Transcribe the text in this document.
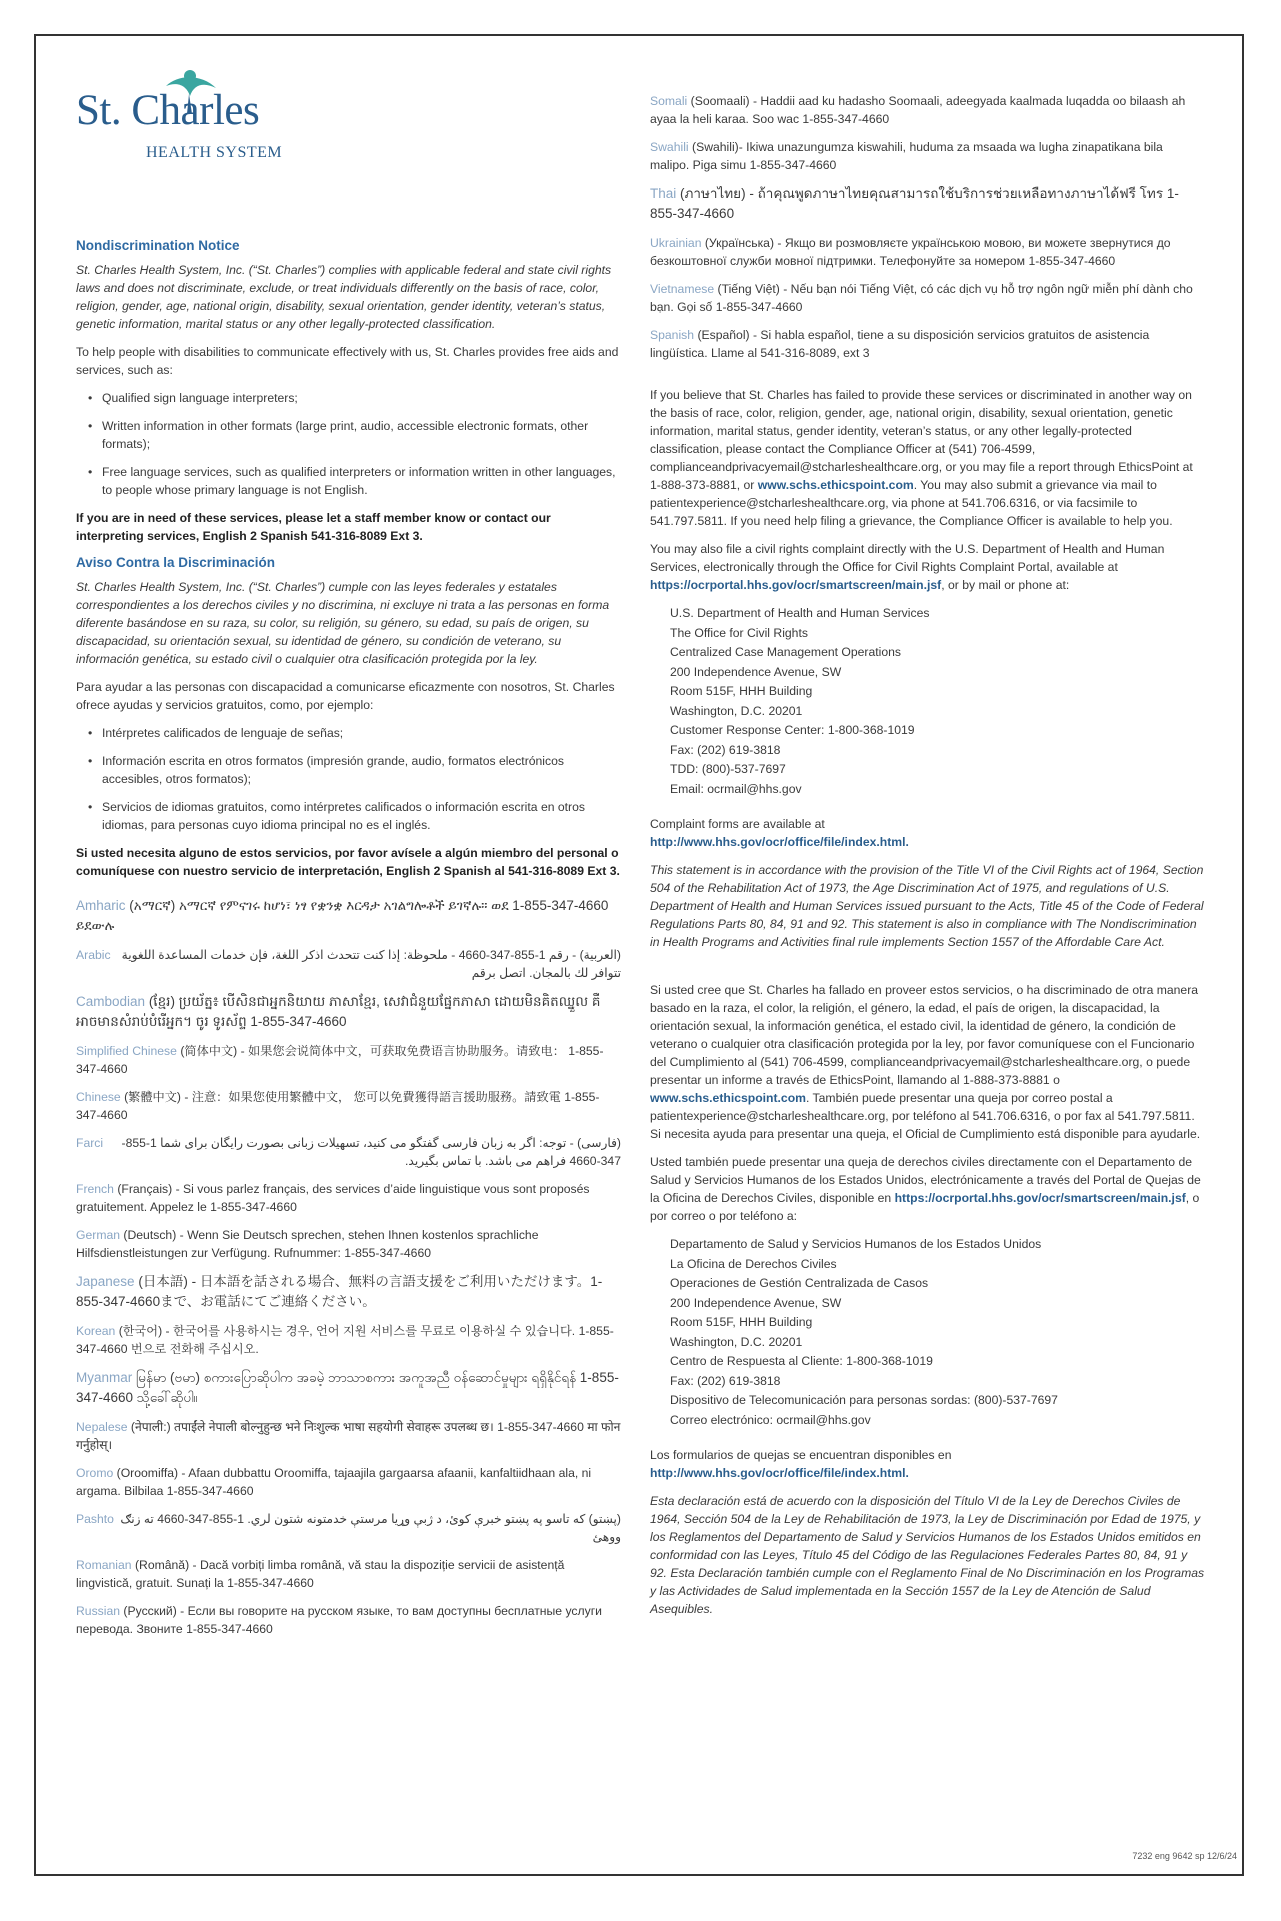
St. Charles
HEALTH SYSTEM
Nondiscrimination Notice

St. Charles Health System, Inc. (“St. Charles”) complies with applicable federal and state civil rights laws and does not discriminate, exclude, or treat individuals differently on the basis of race, color, religion, gender, age, national origin, disability, sexual orientation, gender identity, veteran’s status, genetic information, marital status or any other legally-protected classification.

To help people with disabilities to communicate effectively with us, St. Charles provides free aids and services, such as:

• Qualified sign language interpreters;
• Written information in other formats (large print, audio, accessible electronic formats, other formats);
• Free language services, such as qualified interpreters or information written in other languages, to people whose primary language is not English.

If you are in need of these services, please let a staff member know or contact our interpreting services, English 2 Spanish 541-316-8089 Ext 3.

Aviso Contra la Discriminación

St. Charles Health System, Inc. (“St. Charles”) cumple con las leyes federales y estatales correspondientes a los derechos civiles y no discrimina, ni excluye ni trata a las personas en forma diferente basándose en su raza, su color, su religión, su género, su edad, su país de origen, su discapacidad, su orientación sexual, su identidad de género, su condición de veterano, su información genética, su estado civil o cualquier otra clasificación protegida por la ley.

Para ayudar a las personas con discapacidad a comunicarse eficazmente con nosotros, St. Charles ofrece ayudas y servicios gratuitos, como, por ejemplo:

• Intérpretes calificados de lenguaje de señas;
• Información escrita en otros formatos (impresión grande, audio, formatos electrónicos accesibles, otros formatos);
• Servicios de idiomas gratuitos, como intérpretes calificados o información escrita en otros idiomas, para personas cuyo idioma principal no es el inglés.

Si usted necesita alguno de estos servicios, por favor avísele a algún miembro del personal o comuníquese con nuestro servicio de interpretación, English 2 Spanish al 541-316-8089 Ext 3.

Amharic (አማርኛ) አማርኛ የምናገሩ ከሆነ፣ ነፃ የቋንቋ እርዳታ አገልግሎቶች ይገኛሉ። ወደ 1-855-347-4660 ይደውሉ

Arabic (العربية) - رقم 1-855-347-4660 - ملحوظة: إذا كنت تتحدث اذكر اللغة، فإن خدمات المساعدة اللغوية تتوافر لك بالمجان. اتصل برقم

Cambodian (ខ្មែរ) ប្រយ័ត្ន៖ បើសិនជាអ្នកនិយាយ ភាសាខ្មែរ, សេវាជំនួយផ្នែកភាសា ដោយមិនគិតឈ្នួល គឺអាចមានសំរាប់បំរើអ្នក។ ចូរ ទូរស័ព្ទ 1-855-347-4660

Simplified Chinese (简体中文) - 如果您会说简体中文，可获取免费语言协助服务。请致电： 1-855-347-4660

Chinese (繁體中文) - 注意：如果您使用繁體中文， 您可以免費獲得語言援助服務。請致電 1-855-347-4660

Farci (فارسی) - توجه: اگر به زبان فارسی گفتگو می کنید، تسهیلات زبانی بصورت رایگان برای شما 1-855-347-4660 فراهم می باشد. با تماس بگیرید.

French (Français) - Si vous parlez français, des services d’aide linguistique vous sont proposés gratuitement. Appelez le 1-855-347-4660

German (Deutsch) - Wenn Sie Deutsch sprechen, stehen Ihnen kostenlos sprachliche Hilfsdienstleistungen zur Verfügung. Rufnummer: 1-855-347-4660

Japanese (日本語) - 日本語を話される場合、無料の言語支援をご利用いただけます。1-855-347-4660まで、お電話にてご連絡ください。

Korean (한국어) - 한국어를 사용하시는 경우, 언어 지원 서비스를 무료로 이용하실 수 있습니다. 1-855-347-4660 번으로 전화해 주십시오.

Myanmar မြန်မာ (ဗမာ) စကားပြောဆိုပါက အခမဲ့ ဘာသာစကား အကူအညီ ဝန်ဆောင်မှုများ ရရှိနိုင်ရန် 1-855-347-4660 သို့ခေါ်ဆိုပါ။

Nepalese (नेपाली:) तपाईंले नेपाली बोल्नुहुन्छ भने निःशुल्क भाषा सहयोगी सेवाहरू उपलब्ध छ। 1-855-347-4660 मा फोन गर्नुहोस्।

Oromo (Oroomiffa) - Afaan dubbattu Oroomiffa, tajaajila gargaarsa afaanii, kanfaltiidhaan ala, ni argama. Bilbilaa 1-855-347-4660

Pashto (پښتو) که تاسو په پښتو خبرې کوئ، د ژبې وړیا مرستې خدمتونه شتون لري. 1-855-347-4660 ته زنګ ووهئ

Romanian (Română) - Dacă vorbiți limba română, vă stau la dispoziție servicii de asistență lingvistică, gratuit. Sunați la 1-855-347-4660

Russian (Русский) - Если вы говорите на русском языке, то вам доступны бесплатные услуги перевода. Звоните 1-855-347-4660

Somali (Soomaali) - Haddii aad ku hadasho Soomaali, adeegyada kaalmada luqadda oo bilaash ah ayaa la heli karaa. Soo wac 1-855-347-4660

Swahili (Swahili)- Ikiwa unazungumza kiswahili, huduma za msaada wa lugha zinapatikana bila malipo. Piga simu 1-855-347-4660

Thai (ภาษาไทย) - ถ้าคุณพูดภาษาไทยคุณสามารถใช้บริการช่วยเหลือทางภาษาได้ฟรี โทร 1-855-347-4660

Ukrainian (Українська) - Якщо ви розмовляєте українською мовою, ви можете звернутися до безкоштовної служби мовної підтримки. Телефонуйте за номером 1-855-347-4660

Vietnamese (Tiếng Việt) - Nếu bạn nói Tiếng Việt, có các dịch vụ hỗ trợ ngôn ngữ miễn phí dành cho bạn. Gọi số 1-855-347-4660

Spanish (Español) - Si habla español, tiene a su disposición servicios gratuitos de asistencia lingüística. Llame al 541-316-8089, ext 3

If you believe that St. Charles has failed to provide these services or discriminated in another way on the basis of race, color, religion, gender, age, national origin, disability, sexual orientation, genetic information, marital status, gender identity, veteran’s status, or any other legally-protected classification, please contact the Compliance Officer at (541) 706-4599, complianceandprivacyemail@stcharleshealthcare.org, or you may file a report through EthicsPoint at 1-888-373-8881, or www.schs.ethicspoint.com. You may also submit a grievance via mail to patientexperience@stcharleshealthcare.org, via phone at 541.706.6316, or via facsimile to 541.797.5811. If you need help filing a grievance, the Compliance Officer is available to help you.

You may also file a civil rights complaint directly with the U.S. Department of Health and Human Services, electronically through the Office for Civil Rights Complaint Portal, available at https://ocrportal.hhs.gov/ocr/smartscreen/main.jsf, or by mail or phone at:

U.S. Department of Health and Human Services
The Office for Civil Rights
Centralized Case Management Operations
200 Independence Avenue, SW
Room 515F, HHH Building
Washington, D.C. 20201
Customer Response Center: 1-800-368-1019
Fax: (202) 619-3818
TDD: (800)-537-7697
Email: ocrmail@hhs.gov

Complaint forms are available at
http://www.hhs.gov/ocr/office/file/index.html.

This statement is in accordance with the provision of the Title VI of the Civil Rights act of 1964, Section 504 of the Rehabilitation Act of 1973, the Age Discrimination Act of 1975, and regulations of U.S. Department of Health and Human Services issued pursuant to the Acts, Title 45 of the Code of Federal Regulations Parts 80, 84, 91 and 92. This statement is also in compliance with The Nondiscrimination in Health Programs and Activities final rule implements Section 1557 of the Affordable Care Act.

Si usted cree que St. Charles ha fallado en proveer estos servicios, o ha discriminado de otra manera basado en la raza, el color, la religión, el género, la edad, el país de origen, la discapacidad, la orientación sexual, la información genética, el estado civil, la identidad de género, la condición de veterano o cualquier otra clasificación protegida por la ley, por favor comuníquese con el Funcionario del Cumplimiento al (541) 706-4599, complianceandprivacyemail@stcharleshealthcare.org, o puede presentar un informe a través de EthicsPoint, llamando al 1-888-373-8881 o www.schs.ethicspoint.com. También puede presentar una queja por correo postal a patientexperience@stcharleshealthcare.org, por teléfono al 541.706.6316, o por fax al 541.797.5811. Si necesita ayuda para presentar una queja, el Oficial de Cumplimiento está disponible para ayudarle.

Usted también puede presentar una queja de derechos civiles directamente con el Departamento de Salud y Servicios Humanos de los Estados Unidos, electrónicamente a través del Portal de Quejas de la Oficina de Derechos Civiles, disponible en https://ocrportal.hhs.gov/ocr/smartscreen/main.jsf, o por correo o por teléfono a:

Departamento de Salud y Servicios Humanos de los Estados Unidos
La Oficina de Derechos Civiles
Operaciones de Gestión Centralizada de Casos
200 Independence Avenue, SW
Room 515F, HHH Building
Washington, D.C. 20201
Centro de Respuesta al Cliente: 1-800-368-1019
Fax: (202) 619-3818
Dispositivo de Telecomunicación para personas sordas: (800)-537-7697
Correo electrónico: ocrmail@hhs.gov

Los formularios de quejas se encuentran disponibles en
http://www.hhs.gov/ocr/office/file/index.html.

Esta declaración está de acuerdo con la disposición del Título VI de la Ley de Derechos Civiles de 1964, Sección 504 de la Ley de Rehabilitación de 1973, la Ley de Discriminación por Edad de 1975, y los Reglamentos del Departamento de Salud y Servicios Humanos de los Estados Unidos emitidos en conformidad con las Leyes, Título 45 del Código de las Regulaciones Federales Partes 80, 84, 91 y 92. Esta Declaración también cumple con el Reglamento Final de No Discriminación en los Programas y las Actividades de Salud implementada en la Sección 1557 de la Ley de Atención de Salud Asequibles.

7232 eng 9642 sp 12/6/24
